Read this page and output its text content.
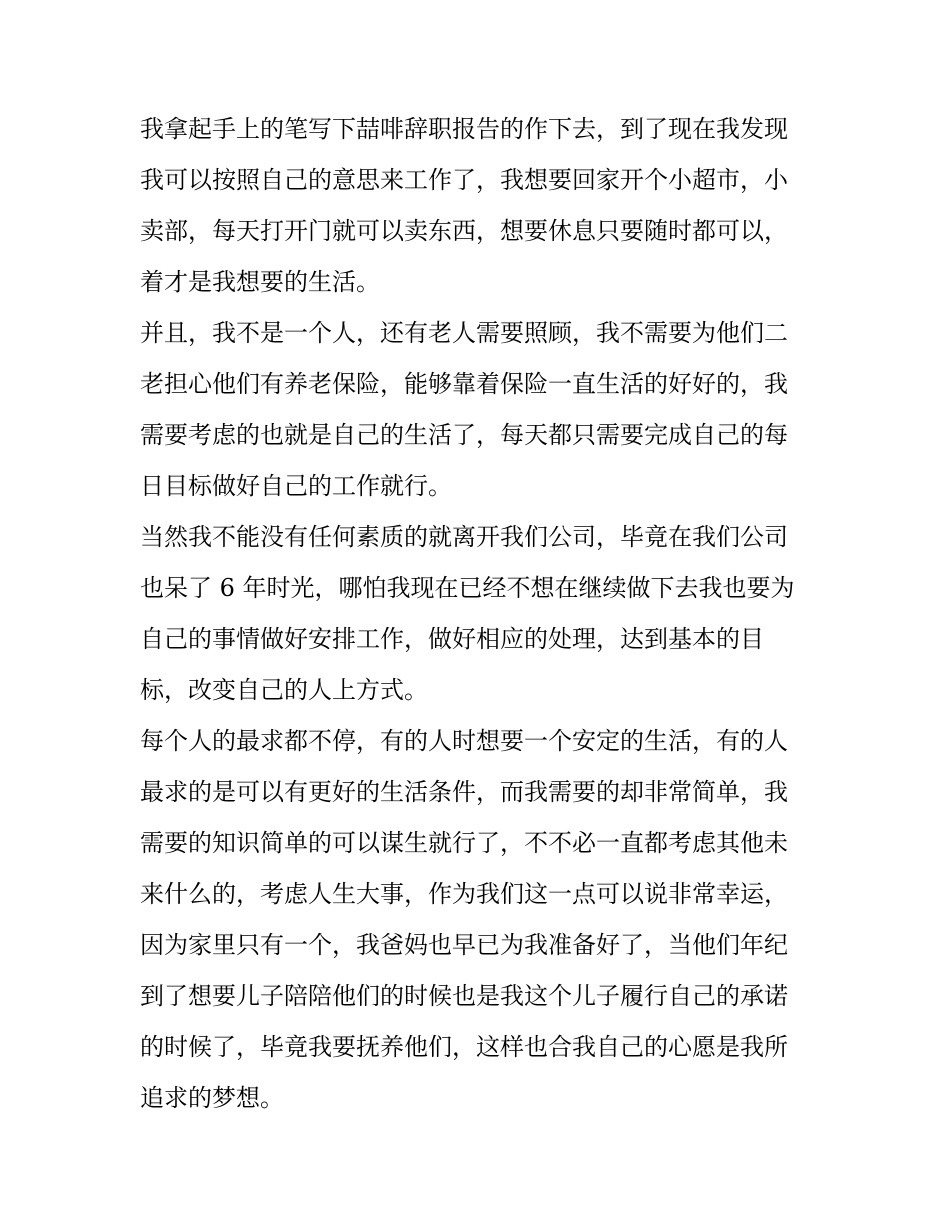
我拿起手上的笔写下喆啡辞职报告的作下去，到了现在我发现

我可以按照自己的意思来工作了，我想要回家开个小超市，小

卖部，每天打开门就可以卖东西，想要休息只要随时都可以，

着才是我想要的生活。

并且，我不是一个人，还有老人需要照顾，我不需要为他们二

老担心他们有养老保险，能够靠着保险一直生活的好好的，我

需要考虑的也就是自己的生活了，每天都只需要完成自己的每

日目标做好自己的工作就行。

当然我不能没有任何素质的就离开我们公司，毕竟在我们公司

也呆了 6 年时光，哪怕我现在已经不想在继续做下去我也要为

自己的事情做好安排工作，做好相应的处理，达到基本的目

标，改变自己的人上方式。

每个人的最求都不停，有的人时想要一个安定的生活，有的人

最求的是可以有更好的生活条件，而我需要的却非常简单，我

需要的知识简单的可以谋生就行了，不不必一直都考虑其他未

来什么的，考虑人生大事，作为我们这一点可以说非常幸运，

因为家里只有一个，我爸妈也早已为我准备好了，当他们年纪

到了想要儿子陪陪他们的时候也是我这个儿子履行自己的承诺

的时候了，毕竟我要抚养他们，这样也合我自己的心愿是我所

追求的梦想。
